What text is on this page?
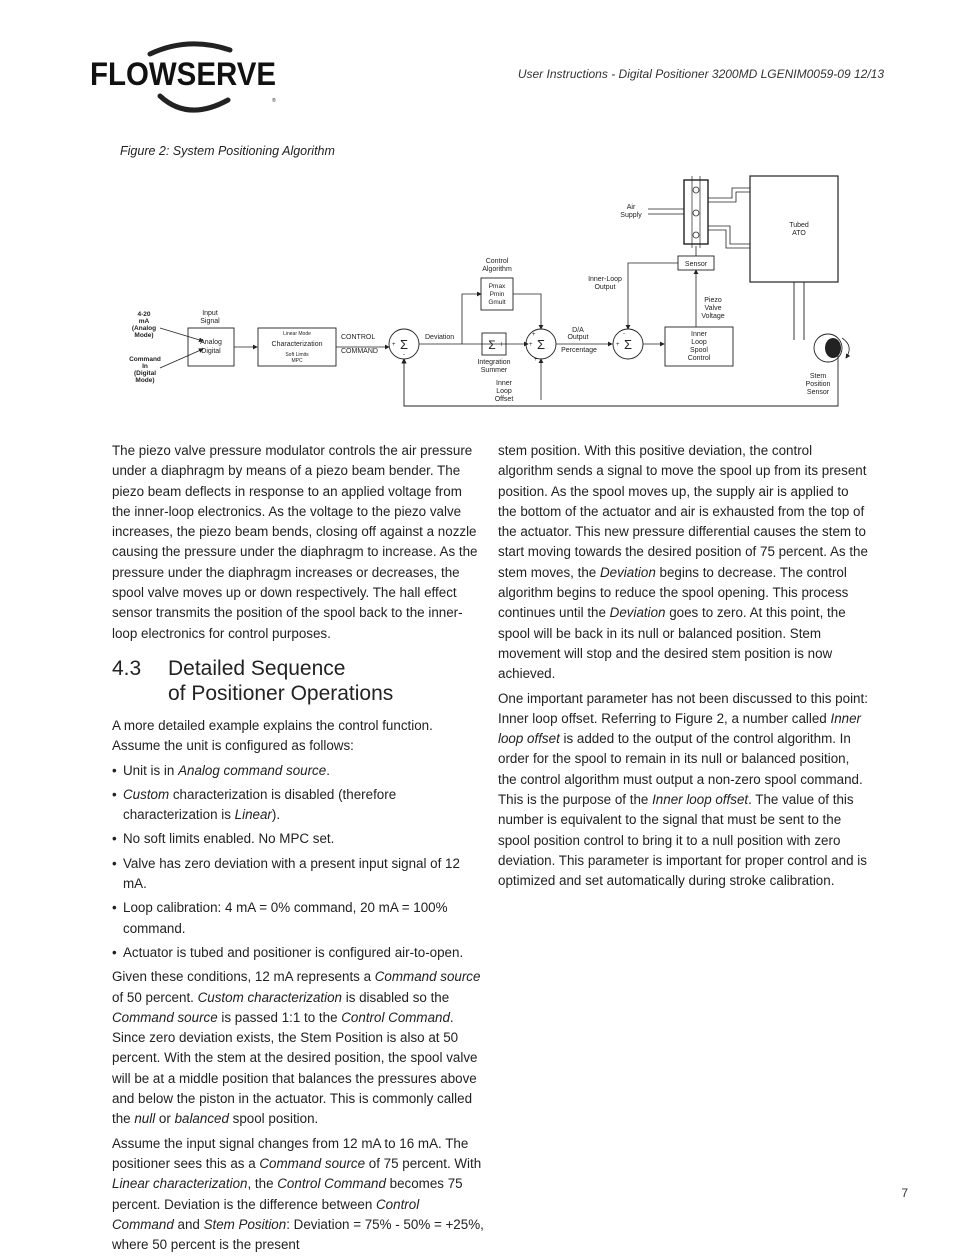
FLOWSERVE
®
User Instructions - Digital Positioner 3200MD LGENIM0059-09 12/13
Figure 2: System Positioning Algorithm
4-20
mA
(Analog
Mode)
Command
In
(Digital
Mode)
Input
Signal
Analog
Digital
Linear Mode
Characterization
Soft Limits
MPC
CONTROL
COMMAND Σ
+
-
Deviation
Control
Algorithm
Pmax
Pmin
Gmult
Σ I
Integration
Summer
Σ
+
+
+
Inner
Loop
Offset
D/A
Output
Percentage Σ
+
-
Inner-Loop
Output
Inner
Loop
Spool
Control
Piezo
Valve
Voltage
Sensor
Air
Supply
Tubed
ATO
Stem
Position
Sensor

The piezo valve pressure modulator controls the air pressure under a diaphragm by means of a piezo beam bender. The piezo beam deflects in response to an applied voltage from the inner-loop electronics. As the voltage to the piezo valve increases, the piezo beam bends, closing off against a nozzle causing the pressure under the diaphragm to increase. As the pressure under the diaphragm increases or decreases, the spool valve moves up or down respectively. The hall effect sensor transmits the position of the spool back to the inner-loop electronics for control purposes.

4.3	Detailed Sequence
of Positioner Operations

A more detailed example explains the control function. Assume the unit is configured as follows:

• Unit is in Analog command source.
• Custom characterization is disabled (therefore characterization is Linear).
• No soft limits enabled. No MPC set.
• Valve has zero deviation with a present input signal of 12 mA.
• Loop calibration: 4 mA = 0% command, 20 mA = 100% command.
• Actuator is tubed and positioner is configured air-to-open.

Given these conditions, 12 mA represents a Command source of 50 percent. Custom characterization is disabled so the Command source is passed 1:1 to the Control Command. Since zero deviation exists, the Stem Position is also at 50 percent. With the stem at the desired position, the spool valve will be at a middle position that balances the pressures above and below the piston in the actuator. This is commonly called the null or balanced spool position.

Assume the input signal changes from 12 mA to 16 mA. The positioner sees this as a Command source of 75 percent. With Linear characterization, the Control Command becomes 75 percent. Deviation is the difference between Control Command and Stem Position: Deviation = 75% - 50% = +25%, where 50 percent is the present

stem position. With this positive deviation, the control algorithm sends a signal to move the spool up from its present position. As the spool moves up, the supply air is applied to the bottom of the actuator and air is exhausted from the top of the actuator. This new pressure differential causes the stem to start moving towards the desired position of 75 percent. As the stem moves, the Deviation begins to decrease. The control algorithm begins to reduce the spool opening. This process continues until the Deviation goes to zero. At this point, the spool will be back in its null or balanced position. Stem movement will stop and the desired stem position is now achieved.

One important parameter has not been discussed to this point: Inner loop offset. Referring to Figure 2, a number called Inner loop offset is added to the output of the control algorithm. In order for the spool to remain in its null or balanced position, the control algorithm must output a non-zero spool command. This is the purpose of the Inner loop offset. The value of this number is equivalent to the signal that must be sent to the spool position control to bring it to a null position with zero deviation. This parameter is important for proper control and is optimized and set automatically during stroke calibration.

7
